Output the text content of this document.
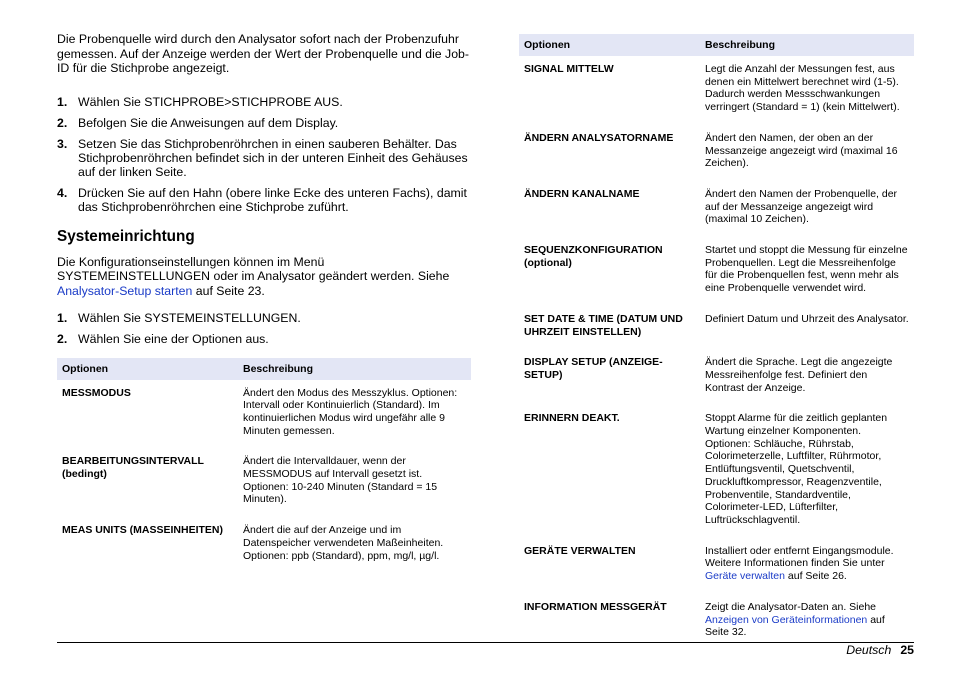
Die Probenquelle wird durch den Analysator sofort nach der Probenzufuhr gemessen. Auf der Anzeige werden der Wert der Probenquelle und die Job-ID für die Stichprobe angezeigt.

1. Wählen Sie STICHPROBE>STICHPROBE AUS.
2. Befolgen Sie die Anweisungen auf dem Display.
3. Setzen Sie das Stichprobenröhrchen in einen sauberen Behälter. Das Stichprobenröhrchen befindet sich in der unteren Einheit des Gehäuses auf der linken Seite.
4. Drücken Sie auf den Hahn (obere linke Ecke des unteren Fachs), damit das Stichprobenröhrchen eine Stichprobe zuführt.
Systemeinrichtung

Die Konfigurationseinstellungen können im Menü SYSTEMEINSTELLUNGEN oder im Analysator geändert werden. Siehe Analysator-Setup starten auf Seite 23.

1. Wählen Sie SYSTEMEINSTELLUNGEN.
2. Wählen Sie eine der Optionen aus.
Optionen	Beschreibung
MESSMODUS	Ändert den Modus des Messzyklus. Optionen: Intervall oder Kontinuierlich (Standard). Im kontinuierlichen Modus wird ungefähr alle 9 Minuten gemessen.
BEARBEITUNGSINTERVALL (bedingt)	Ändert die Intervalldauer, wenn der MESSMODUS auf Intervall gesetzt ist. Optionen: 10-240 Minuten (Standard = 15 Minuten).
MEAS UNITS (MASSEINHEITEN)	Ändert die auf der Anzeige und im Datenspeicher verwendeten Maßeinheiten. Optionen: ppb (Standard), ppm, mg/l, µg/l.
Optionen	Beschreibung
SIGNAL MITTELW	Legt die Anzahl der Messungen fest, aus denen ein Mittelwert berechnet wird (1-5). Dadurch werden Messschwankungen verringert (Standard = 1) (kein Mittelwert).
ÄNDERN ANALYSATORNAME	Ändert den Namen, der oben an der Messanzeige angezeigt wird (maximal 16 Zeichen).
ÄNDERN KANALNAME	Ändert den Namen der Probenquelle, der auf der Messanzeige angezeigt wird (maximal 10 Zeichen).
SEQUENZKONFIGURATION (optional)	Startet und stoppt die Messung für einzelne Probenquellen. Legt die Messreihenfolge für die Probenquellen fest, wenn mehr als eine Probenquelle verwendet wird.
SET DATE & TIME (DATUM UND UHRZEIT EINSTELLEN)	Definiert Datum und Uhrzeit des Analysator.
DISPLAY SETUP (ANZEIGE-SETUP)	Ändert die Sprache. Legt die angezeigte Messreihenfolge fest. Definiert den Kontrast der Anzeige.
ERINNERN DEAKT.	Stoppt Alarme für die zeitlich geplanten Wartung einzelner Komponenten. Optionen: Schläuche, Rührstab, Colorimeterzelle, Luftfilter, Rührmotor, Entlüftungsventil, Quetschventil, Druckluftkompressor, Reagenzventile, Probenventile, Standardventile, Colorimeter-LED, Lüfterfilter, Luftrückschlagventil.
GERÄTE VERWALTEN	Installiert oder entfernt Eingangsmodule. Weitere Informationen finden Sie unter Geräte verwalten auf Seite 26.
INFORMATION MESSGERÄT	Zeigt die Analysator-Daten an. Siehe Anzeigen von Geräteinformationen auf Seite 32.
Deutsch 25
